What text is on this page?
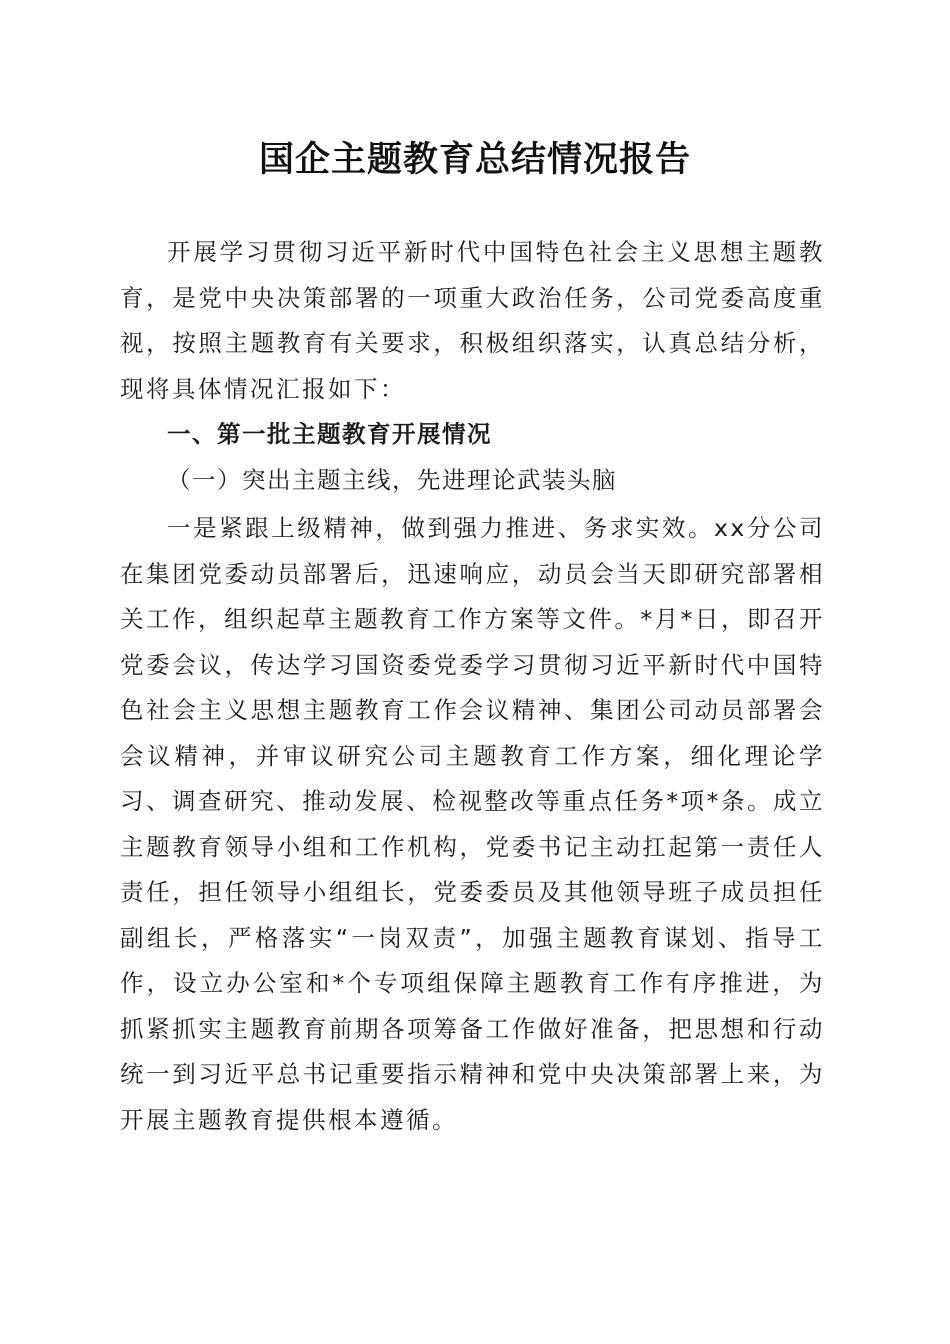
国企主题教育总结情况报告

开展学习贯彻习近平新时代中国特色社会主义思想主题教育，是党中央决策部署的一项重大政治任务，公司党委高度重视，按照主题教育有关要求，积极组织落实，认真总结分析，现将具体情况汇报如下：

一、第一批主题教育开展情况

（一）突出主题主线，先进理论武装头脑

一是紧跟上级精神，做到强力推进、务求实效。xx分公司在集团党委动员部署后，迅速响应，动员会当天即研究部署相关工作，组织起草主题教育工作方案等文件。*月*日，即召开党委会议，传达学习国资委党委学习贯彻习近平新时代中国特色社会主义思想主题教育工作会议精神、集团公司动员部署会会议精神，并审议研究公司主题教育工作方案，细化理论学习、调查研究、推动发展、检视整改等重点任务*项*条。成立主题教育领导小组和工作机构，党委书记主动扛起第一责任人责任，担任领导小组组长，党委委员及其他领导班子成员担任副组长，严格落实“一岗双责”，加强主题教育谋划、指导工作，设立办公室和*个专项组保障主题教育工作有序推进，为抓紧抓实主题教育前期各项筹备工作做好准备，把思想和行动统一到习近平总书记重要指示精神和党中央决策部署上来，为开展主题教育提供根本遵循。
